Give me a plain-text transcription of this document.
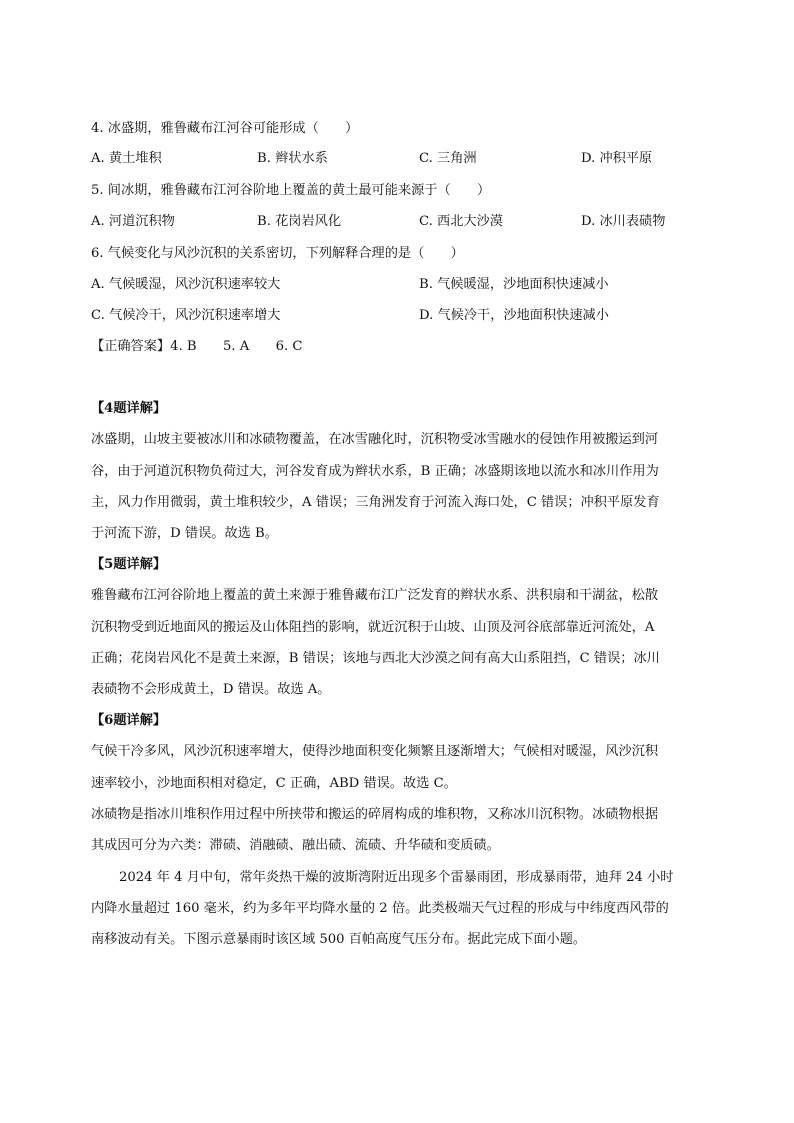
4. 冰盛期，雅鲁藏布江河谷可能形成（　　）
A. 黄土堆积	B. 辫状水系	C. 三角洲	D. 冲积平原
5. 间冰期，雅鲁藏布江河谷阶地上覆盖的黄土最可能来源于（　　）
A. 河道沉积物	B. 花岗岩风化	C. 西北大沙漠	D. 冰川表碛物
6. 气候变化与风沙沉积的关系密切，下列解释合理的是（　　）
A. 气候暖湿，风沙沉积速率较大	B. 气候暖湿，沙地面积快速减小
C. 气候冷干，风沙沉积速率增大	D. 气候冷干，沙地面积快速减小
【正确答案】4. B　　5. A　　6. C
【4题详解】
冰盛期，山坡主要被冰川和冰碛物覆盖，在冰雪融化时，沉积物受冰雪融水的侵蚀作用被搬运到河
谷，由于河道沉积物负荷过大，河谷发育成为辫状水系，B 正确；冰盛期该地以流水和冰川作用为
主，风力作用微弱，黄土堆积较少，A 错误；三角洲发育于河流入海口处，C 错误；冲积平原发育
于河流下游，D 错误。故选 B。
【5题详解】
雅鲁藏布江河谷阶地上覆盖的黄土来源于雅鲁藏布江广泛发育的辫状水系、洪积扇和干湖盆，松散
沉积物受到近地面风的搬运及山体阻挡的影响，就近沉积于山坡、山顶及河谷底部靠近河流处，A
正确；花岗岩风化不是黄土来源，B 错误；该地与西北大沙漠之间有高大山系阻挡，C 错误；冰川
表碛物不会形成黄土，D 错误。故选 A。
【6题详解】
气候干冷多风，风沙沉积速率增大，使得沙地面积变化频繁且逐渐增大；气候相对暖湿，风沙沉积
速率较小，沙地面积相对稳定，C 正确，ABD 错误。故选 C。
冰碛物是指冰川堆积作用过程中所挟带和搬运的碎屑构成的堆积物，又称冰川沉积物。冰碛物根据
其成因可分为六类：滞碛、消融碛、融出碛、流碛、升华碛和变质碛。
2024 年 4 月中旬，常年炎热干燥的波斯湾附近出现多个雷暴雨团，形成暴雨带，迪拜 24 小时
内降水量超过 160 毫米，约为多年平均降水量的 2 倍。此类极端天气过程的形成与中纬度西风带的
南移波动有关。下图示意暴雨时该区域 500 百帕高度气压分布。据此完成下面小题。
